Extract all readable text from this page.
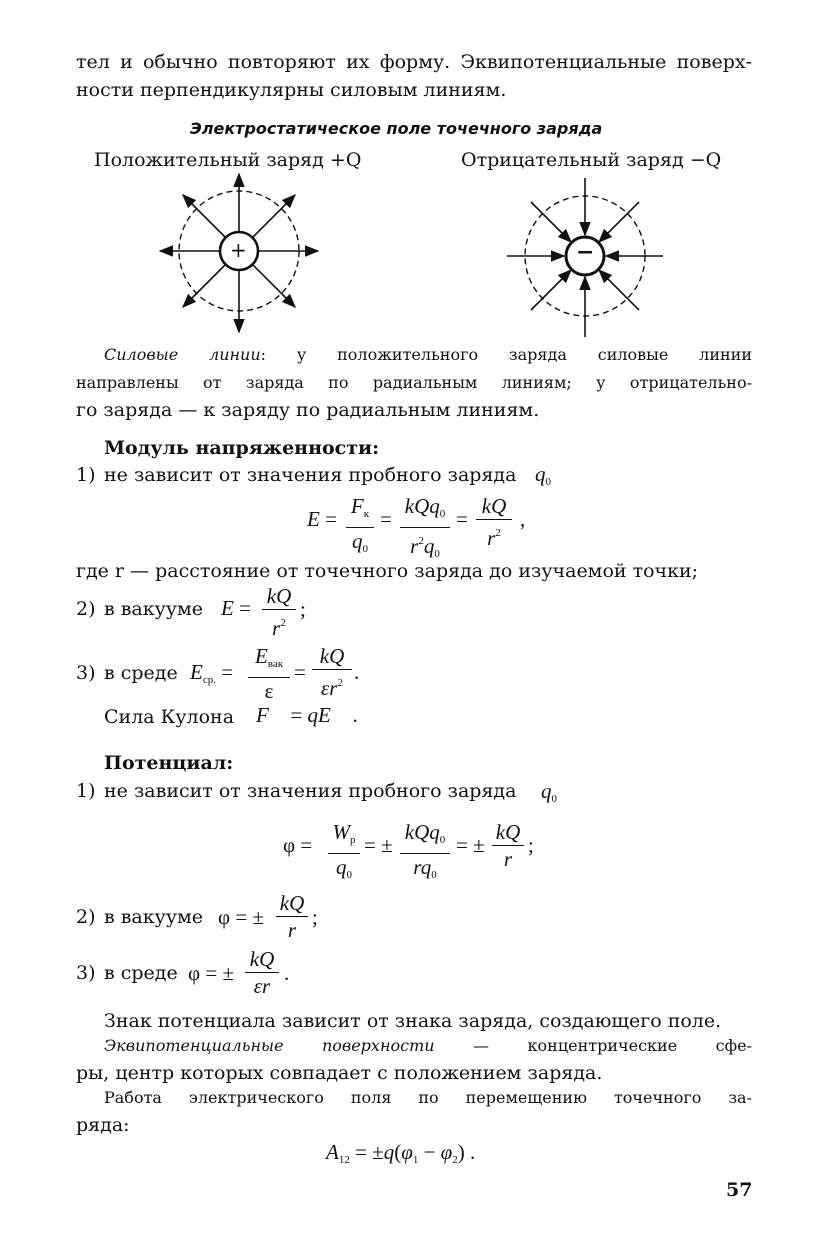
тел и обычно повторяют их форму. Эквипотенциальные поверх-
ности перпендикулярны силовым линиям.
Электростатическое поле точечного заряда
Положительный заряд +Q	Отрицательный заряд −Q
+	−
Силовые линии: у положительного заряда силовые линии
направлены от заряда по радиальным линиям; у отрицательно-
го заряда — к заряду по радиальным линиям.
Модуль напряженности:
1) не зависит от значения пробного заряда $q_0$
E =
$F_к$
$q_0$
=
kQq$_0$
$r^2q_0$
=
kQ
$r^2$
,
где r — расстояние от точечного заряда до изучаемой точки;
2) в вакууме E = kQ
$r^2$
;
3) в среде $E_{ср.}$ =
$E_{вак}$
ε
=
kQ
$\varepsilon r^2$ .
Сила Кулона F⃗ = qE⃗ .
Потенциал:
1) не зависит от значения пробного заряда $q_0$
φ =
$W_p$
$q_0$
= ±
kQq$_0$
$rq_0$
= ±
kQ
r
;
2) в вакууме φ = ±
kQ
r
;
3) в среде φ = ±
kQ
εr
.
Знак потенциала зависит от знака заряда, создающего поле.
Эквипотенциальные поверхности — концентрические сфе-
ры, центр которых совпадает с положением заряда.
Работа электрического поля по перемещению точечного за-
ряда:
$A_{12} = \pm q(\varphi_1 - \varphi_2)$ .
57
